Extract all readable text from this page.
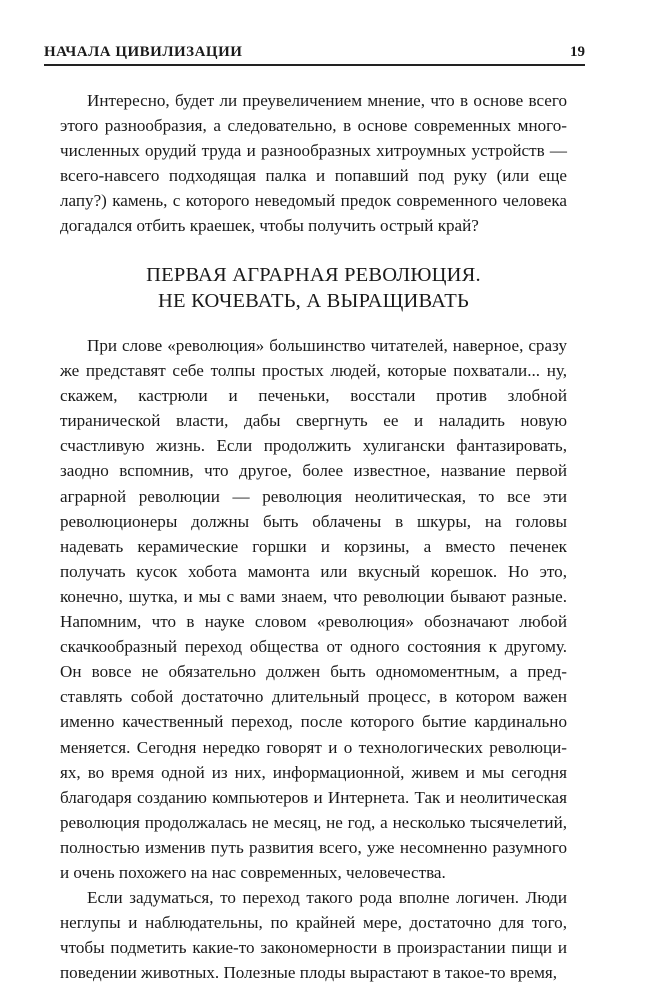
НАЧАЛА ЦИВИЛИЗАЦИИ	19

Интересно, будет ли преувеличением мнение, что в основе всего этого разнообразия, а следовательно, в основе современных многочисленных орудий труда и разнообразных хитроумных устройств — всего-навсего подходящая палка и попавший под руку (или еще лапу?) камень, с которого неведомый предок современного человека догадался отбить краешек, чтобы получить острый край?

ПЕРВАЯ АГРАРНАЯ РЕВОЛЮЦИЯ.
НЕ КОЧЕВАТЬ, А ВЫРАЩИВАТЬ

При слове «революция» большинство читателей, наверное, сразу же представят себе толпы простых людей, которые похватали... ну, скажем, кастрюли и печеньки, восстали против злобной тиранической власти, дабы свергнуть ее и наладить новую счастливую жизнь. Если продолжить хулигански фантазировать, заодно вспомнив, что другое, более известное, название первой аграрной революции — революция неолитическая, то все эти революционеры должны быть облачены в шкуры, на головы надевать керамические горшки и корзины, а вместо печенек получать кусок хобота мамонта или вкусный корешок. Но это, конечно, шутка, и мы с вами знаем, что революции бывают разные. Напомним, что в науке словом «революция» обозначают любой скачкообразный переход общества от одного состояния к другому. Он вовсе не обязательно должен быть одномоментным, а представлять собой достаточно длительный процесс, в котором важен именно качественный переход, после которого бытие кардинально меняется. Сегодня нередко говорят и о технологических революциях, во время одной из них, информационной, живем и мы сегодня благодаря созданию компьютеров и Интернета. Так и неолитическая революция продолжалась не месяц, не год, а несколько тысячелетий, полностью изменив путь развития всего, уже несомненно разумного и очень похожего на нас современных, человечества.

Если задуматься, то переход такого рода вполне логичен. Люди неглупы и наблюдательны, по крайней мере, достаточно для того, чтобы подметить какие-то закономерности в произрастании пищи и поведении животных. Полезные плоды вырастают в такое-то время,
